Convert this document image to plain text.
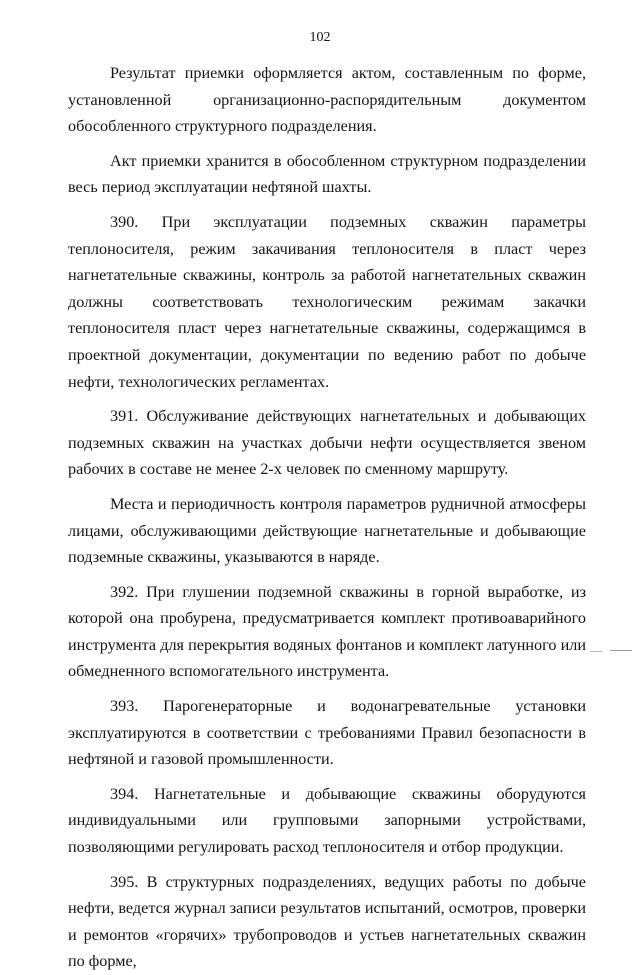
102

Результат приемки оформляется актом, составленным по форме, установленной организационно-распорядительным документом обособленного структурного подразделения.

Акт приемки хранится в обособленном структурном подразделении весь период эксплуатации нефтяной шахты.

390. При эксплуатации подземных скважин параметры теплоносителя, режим закачивания теплоносителя в пласт через нагнетательные скважины, контроль за работой нагнетательных скважин должны соответствовать технологическим режимам закачки теплоносителя пласт через нагнетательные скважины, содержащимся в проектной документации, документации по ведению работ по добыче нефти, технологических регламентах.

391. Обслуживание действующих нагнетательных и добывающих подземных скважин на участках добычи нефти осуществляется звеном рабочих в составе не менее 2-х человек по сменному маршруту.

Места и периодичность контроля параметров рудничной атмосферы лицами, обслуживающими действующие нагнетательные и добывающие подземные скважины, указываются в наряде.

392. При глушении подземной скважины в горной выработке, из которой она пробурена, предусматривается комплект противоаварийного инструмента для перекрытия водяных фонтанов и комплект латунного или обмедненного вспомогательного инструмента.

393. Парогенераторные и водонагревательные установки эксплуатируются в соответствии с требованиями Правил безопасности в нефтяной и газовой промышленности.

394. Нагнетательные и добывающие скважины оборудуются индивидуальными или групповыми запорными устройствами, позволяющими регулировать расход теплоносителя и отбор продукции.

395. В структурных подразделениях, ведущих работы по добыче нефти, ведется журнал записи результатов испытаний, осмотров, проверки и ремонтов «горячих» трубопроводов и устьев нагнетательных скважин по форме,
